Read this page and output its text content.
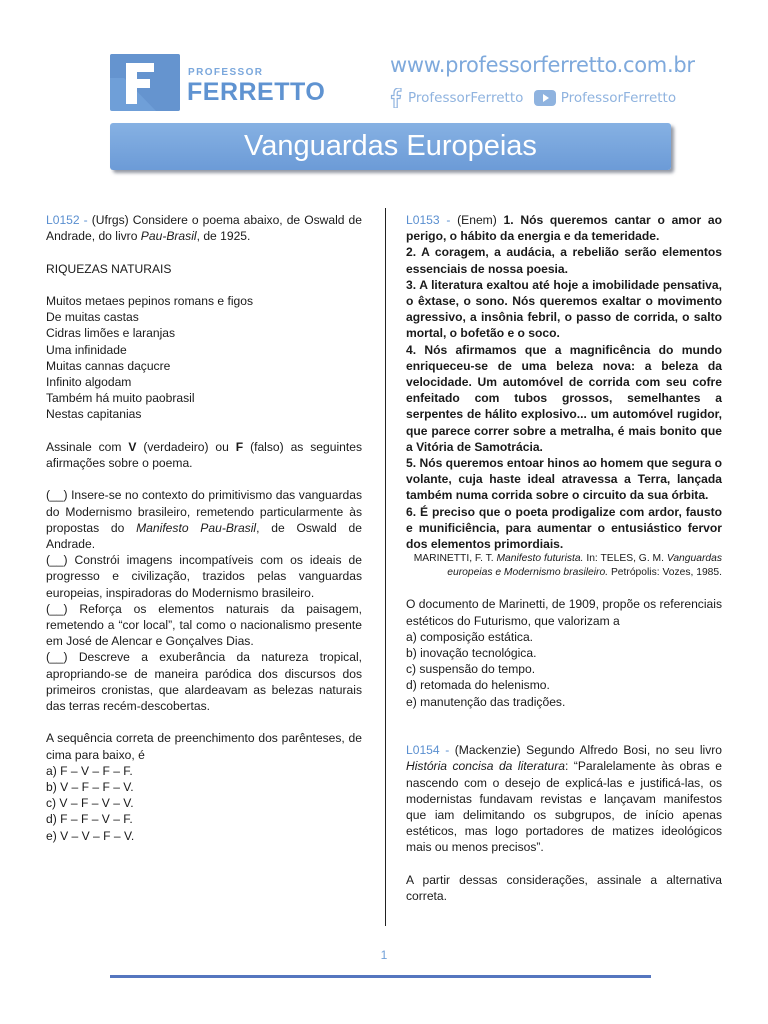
PROFESSOR
FERRETTO
www.professorferretto.com.br
ProfessorFerretto	ProfessorFerretto
Vanguardas Europeias

L0152 - (Ufrgs) Considere o poema abaixo, de Oswald de Andrade, do livro Pau-Brasil, de 1925.

RIQUEZAS NATURAIS

Muitos metaes pepinos romans e figos

De muitas castas

Cidras limões e laranjas

Uma infinidade

Muitas cannas daçucre

Infinito algodam

Também há muito paobrasil

Nestas capitanias

Assinale com V (verdadeiro) ou F (falso) as seguintes afirmações sobre o poema.

(__) Insere-se no contexto do primitivismo das vanguardas do Modernismo brasileiro, remetendo particularmente às propostas do Manifesto Pau-Brasil, de Oswald de Andrade.

(__) Constrói imagens incompatíveis com os ideais de progresso e civilização, trazidos pelas vanguardas europeias, inspiradoras do Modernismo brasileiro.

(__) Reforça os elementos naturais da paisagem, remetendo a “cor local”, tal como o nacionalismo presente em José de Alencar e Gonçalves Dias.

(__) Descreve a exuberância da natureza tropical, apropriando-se de maneira paródica dos discursos dos primeiros cronistas, que alardeavam as belezas naturais das terras recém-descobertas.

A sequência correta de preenchimento dos parênteses, de cima para baixo, é

a) F – V – F – F.

b) V – F – F – V.

c) V – F – V – V.

d) F – F – V – F.

e) V – V – F – V.

L0153 - (Enem) 1. Nós queremos cantar o amor ao perigo, o hábito da energia e da temeridade.

2. A coragem, a audácia, a rebelião serão elementos essenciais de nossa poesia.

3. A literatura exaltou até hoje a imobilidade pensativa, o êxtase, o sono. Nós queremos exaltar o movimento agressivo, a insônia febril, o passo de corrida, o salto mortal, o bofetão e o soco.

4. Nós afirmamos que a magnificência do mundo enriqueceu-se de uma beleza nova: a beleza da velocidade. Um automóvel de corrida com seu cofre enfeitado com tubos grossos, semelhantes a serpentes de hálito explosivo... um automóvel rugidor, que parece correr sobre a metralha, é mais bonito que a Vitória de Samotrácia.

5. Nós queremos entoar hinos ao homem que segura o volante, cuja haste ideal atravessa a Terra, lançada também numa corrida sobre o circuito da sua órbita.

6. É preciso que o poeta prodigalize com ardor, fausto e munificiência, para aumentar o entusiástico fervor dos elementos primordiais.

MARINETTI, F. T. Manifesto futurista. In: TELES, G. M. Vanguardas europeias e Modernismo brasileiro. Petrópolis: Vozes, 1985.

O documento de Marinetti, de 1909, propõe os referenciais estéticos do Futurismo, que valorizam a

a) composição estática.

b) inovação tecnológica.

c) suspensão do tempo.

d) retomada do helenismo.

e) manutenção das tradições.

L0154 - (Mackenzie) Segundo Alfredo Bosi, no seu livro História concisa da literatura: “Paralelamente às obras e nascendo com o desejo de explicá-las e justificá-las, os modernistas fundavam revistas e lançavam manifestos que iam delimitando os subgrupos, de início apenas estéticos, mas logo portadores de matizes ideológicos mais ou menos precisos”.

A partir dessas considerações, assinale a alternativa correta.

1
